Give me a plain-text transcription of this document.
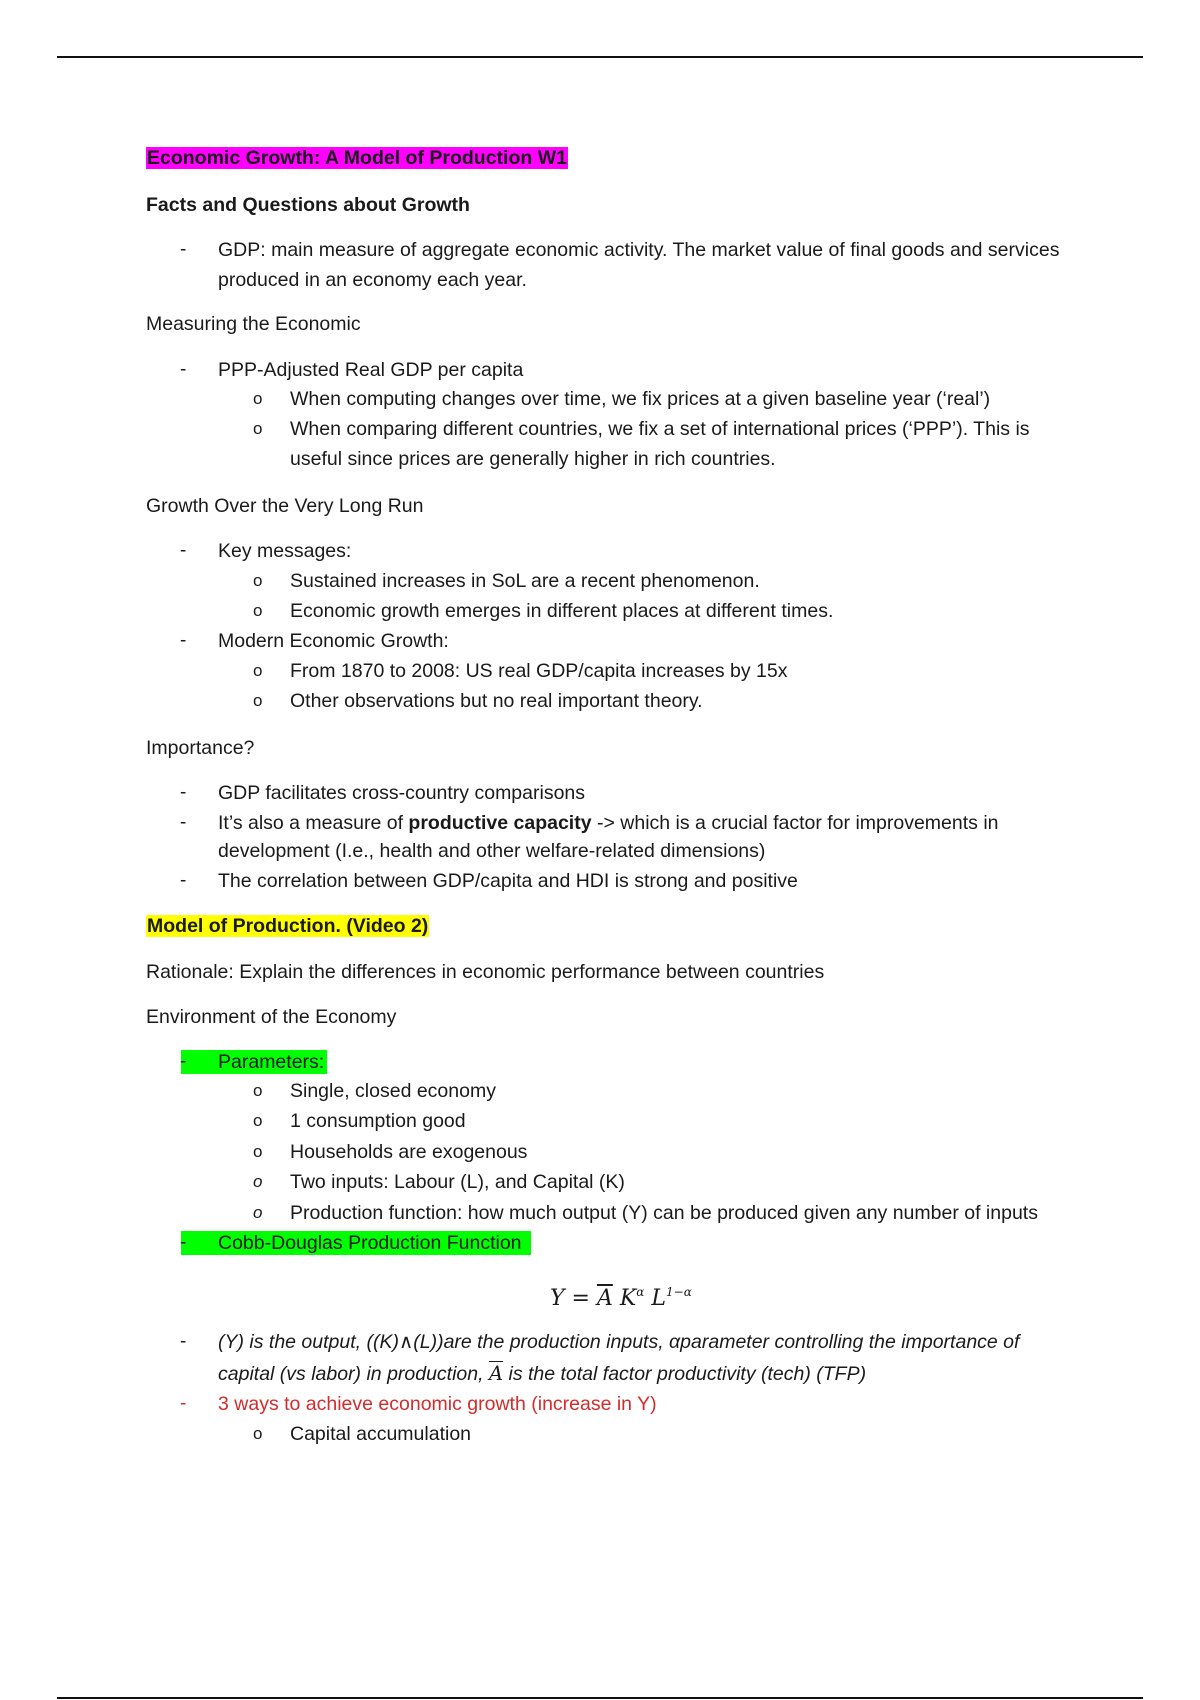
Economic Growth: A Model of Production W1
Facts and Questions about Growth
- GDP: main measure of aggregate economic activity. The market value of final goods and services
produced in an economy each year.
Measuring the Economic
- PPP-Adjusted Real GDP per capita
o When computing changes over time, we fix prices at a given baseline year (‘real’)
o When comparing different countries, we fix a set of international prices (‘PPP’). This is
useful since prices are generally higher in rich countries.
Growth Over the Very Long Run
- Key messages:
o Sustained increases in SoL are a recent phenomenon.
o Economic growth emerges in different places at different times.
- Modern Economic Growth:
o From 1870 to 2008: US real GDP/capita increases by 15x
o Other observations but no real important theory.
Importance?
- GDP facilitates cross-country comparisons
- It’s also a measure of productive capacity -> which is a crucial factor for improvements in
development (I.e., health and other welfare-related dimensions)
- The correlation between GDP/capita and HDI is strong and positive
Model of Production. (Video 2)
Rationale: Explain the differences in economic performance between countries
Environment of the Economy
- Parameters:
o Single, closed economy
o 1 consumption good
o Households are exogenous
o Two inputs: Labour (L), and Capital (K)
o Production function: how much output (Y) can be produced given any number of inputs
- Cobb-Douglas Production Function
$Y = \overline{A}$ $K^\alpha$ $L^{1-\alpha}$
- (Y) is the output, ((K)∧(L))are the production inputs, αparameter controlling the importance of
capital (vs labor) in production, $\overline{A}$ is the total factor productivity (tech) (TFP)
- 3 ways to achieve economic growth (increase in Y)
o Capital accumulation
